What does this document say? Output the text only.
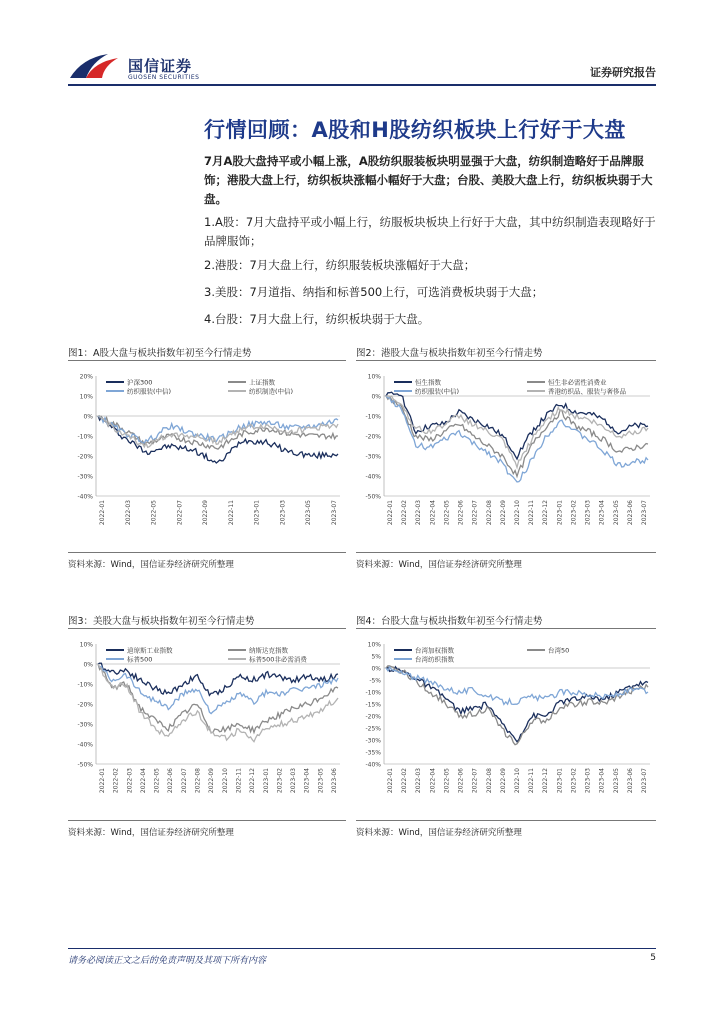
国信证券
GUOSEN SECURITIES	证券研究报告
行情回顾：A股和H股纺织板块上行好于大盘
7月A股大盘持平或小幅上涨，A股纺织服装板块明显强于大盘，纺织制造略好于品牌服饰；港股大盘上行，纺织板块涨幅小幅好于大盘；台股、美股大盘上行，纺织板块弱于大盘。
1.A股：7月大盘持平或小幅上行，纺服板块板块上行好于大盘，其中纺织制造表现略好于品牌服饰；
2.港股：7月大盘上行，纺织服装板块涨幅好于大盘；
3.美股：7月道指、纳指和标普500上行，可选消费板块弱于大盘；
4.台股：7月大盘上行，纺织板块弱于大盘。
图1：A股大盘与板块指数年初至今行情走势
20%
10%
0%
-10%
-20%
-30%
-40%
2022-01	2022-03	2022-05	2022-07	2022-09	2022-11	2023-01	2023-03	2023-05	2023-07
沪深300	上证指数
纺织服装(中信)	纺织制造(中信)
资料来源：Wind，国信证券经济研究所整理
图2：港股大盘与板块指数年初至今行情走势
10%
0%
-10%
-20%
-30%
-40%
-50%
2022-01 2022-02 2022-03 2022-04 2022-05 2022-06 2022-07 2022-08 2022-09 2022-10 2022-11 2022-12 2023-01 2023-02 2023-03 2023-04 2023-05 2023-06 2023-07
恒生指数	恒生非必需性消费业
纺织服装(中信)	香港纺织品、服装与奢侈品
资料来源：Wind，国信证券经济研究所整理
图3：美股大盘与板块指数年初至今行情走势
10%
0%
-10%
-20%
-30%
-40%
-50%
2022-01 2022-02 2022-03 2022-04 2022-05 2022-06 2022-07 2022-08 2022-09 2022-10 2022-11 2022-12 2023-01 2023-02 2023-03 2023-04 2023-05 2023-06
道琼斯工业指数	纳斯达克指数
标普500	标普500非必需消费
资料来源：Wind，国信证券经济研究所整理
图4：台股大盘与板块指数年初至今行情走势
10%
5%
0%
-5%
-10%
-15%
-20%
-25%
-30%
-35%
-40%
2022-01 2022-02 2022-03 2022-04 2022-05 2022-06 2022-07 2022-08 2022-09 2022-10 2022-11 2022-12 2023-01 2023-02 2023-03 2023-04 2023-05 2023-06 2023-07
台湾加权指数	台湾50
台湾纺织指数
资料来源：Wind，国信证券经济研究所整理
请务必阅读正文之后的免责声明及其项下所有内容	5
